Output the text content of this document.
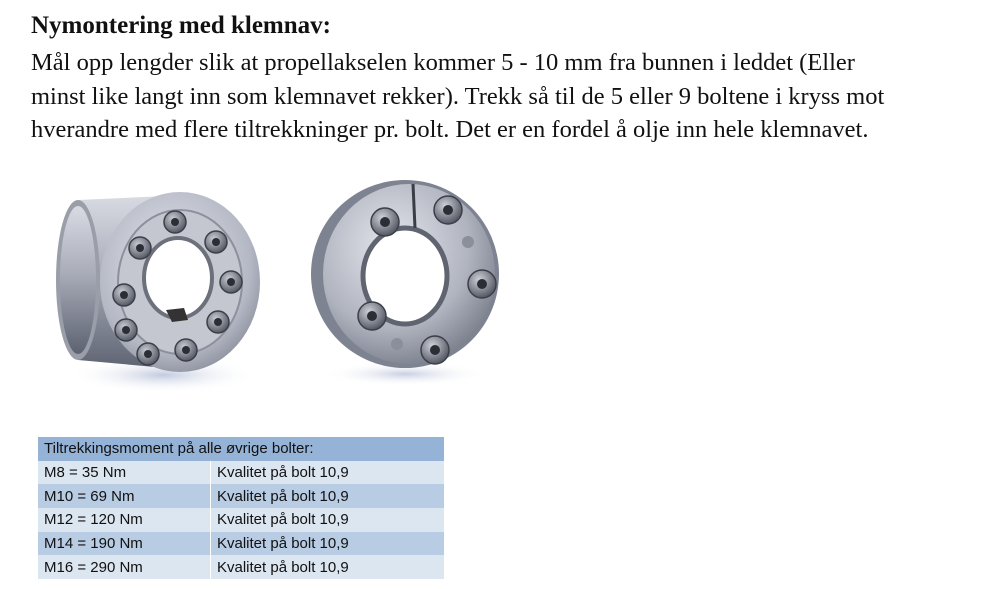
Nymontering med klemnav:
Mål opp lengder slik at propellakselen kommer 5 - 10 mm fra bunnen i leddet (Eller
minst like langt inn som klemnavet rekker). Trekk så til de 5 eller 9 boltene i kryss mot
hverandre med flere tiltrekkninger pr. bolt. Det er en fordel å olje inn hele klemnavet.
Tiltrekkingsmoment på alle øvrige bolter:	
M8 = 35 Nm	Kvalitet på bolt 10,9
M10 = 69 Nm	Kvalitet på bolt 10,9
M12 = 120 Nm	Kvalitet på bolt 10,9
M14 = 190 Nm	Kvalitet på bolt 10,9
M16 = 290 Nm	Kvalitet på bolt 10,9
